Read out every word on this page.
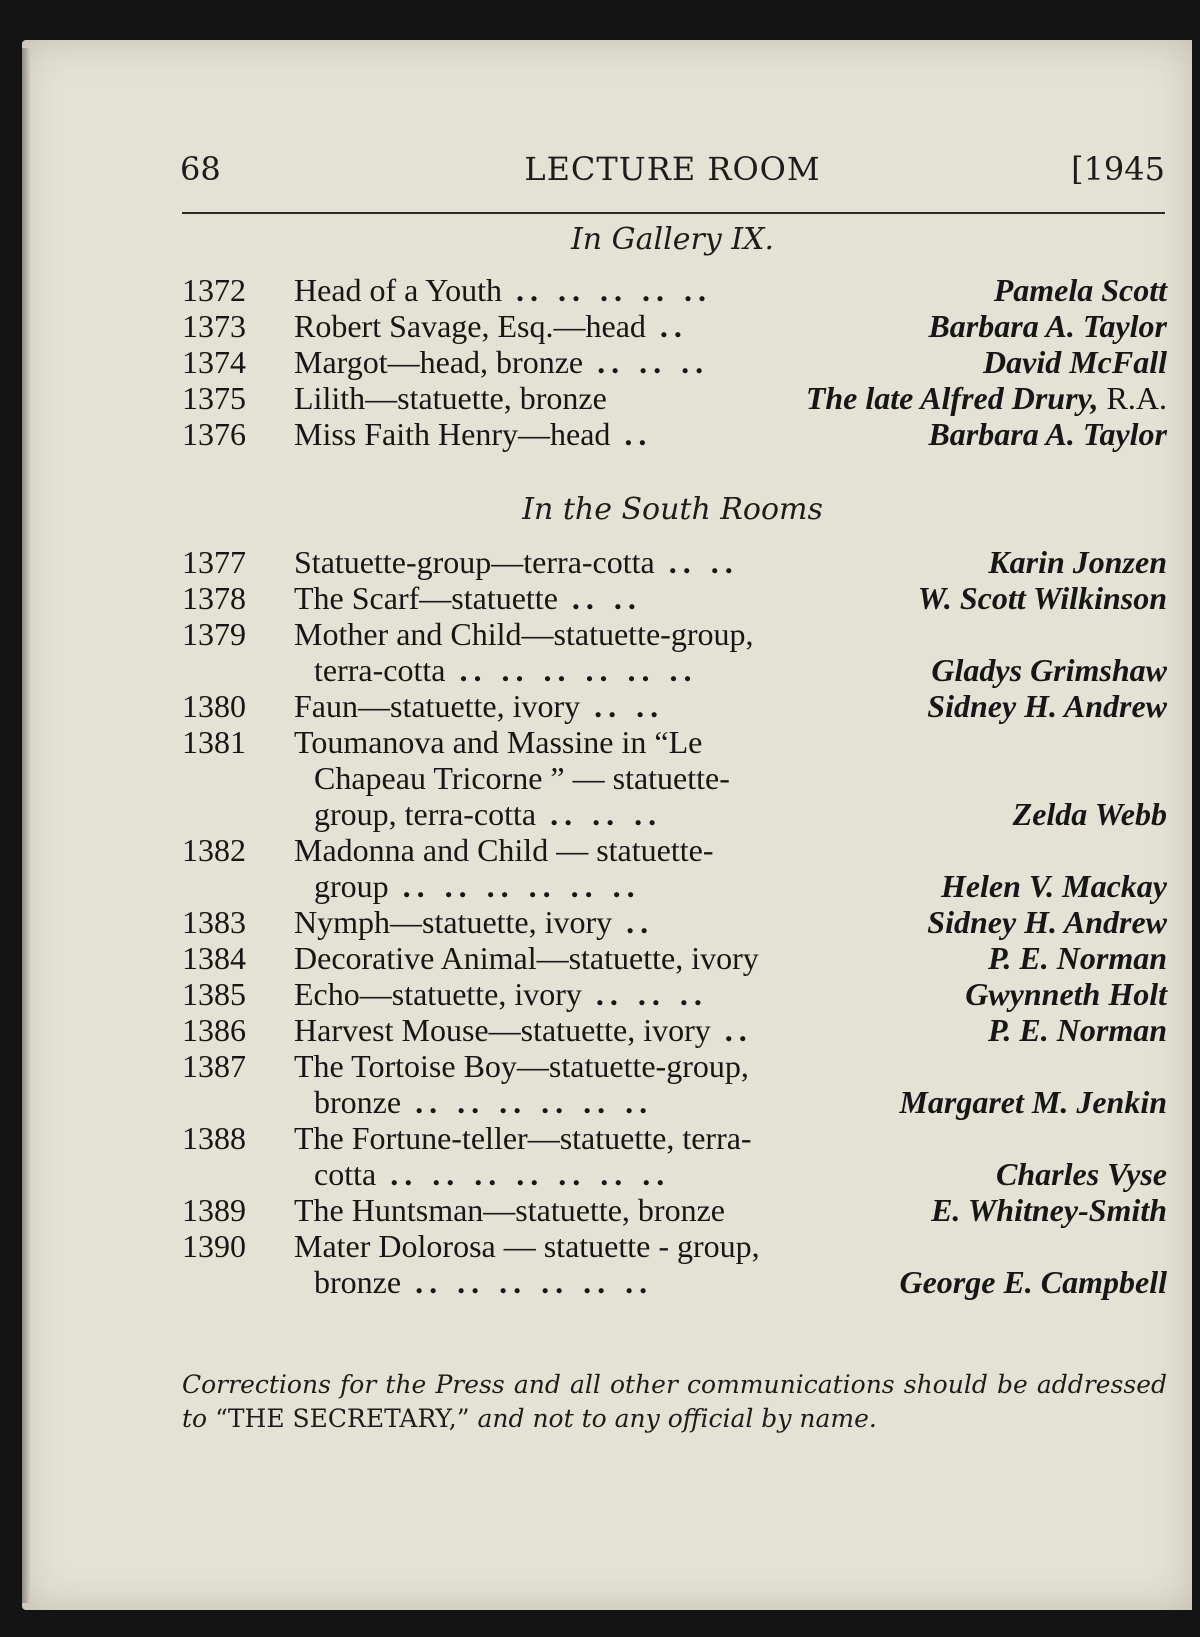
68	LECTURE ROOM	[1945
In Gallery IX.
1372 Head of a Youth .. .. .. .. ..	Pamela Scott
1373 Robert Savage, Esq.—head ..	Barbara A. Taylor
1374 Margot—head, bronze .. .. ..	David McFall
1375 Lilith—statuette, bronze	The late Alfred Drury, R.A.
1376 Miss Faith Henry—head ..	Barbara A. Taylor
In the South Rooms
1377 Statuette-group—terra-cotta .. ..	Karin Jonzen
1378 The Scarf—statuette .. ..	W. Scott Wilkinson
1379 Mother and Child—statuette-group,
terra-cotta .. .. .. .. .. ..	Gladys Grimshaw
1380 Faun—statuette, ivory .. ..	Sidney H. Andrew
1381 Toumanova and Massine in “Le
Chapeau Tricorne ” — statuette-
group, terra-cotta .. .. ..	Zelda Webb
1382 Madonna and Child — statuette-
group .. .. .. .. .. ..	Helen V. Mackay
1383 Nymph—statuette, ivory ..	Sidney H. Andrew
1384 Decorative Animal—statuette, ivory	P. E. Norman
1385 Echo—statuette, ivory .. .. ..	Gwynneth Holt
1386 Harvest Mouse—statuette, ivory ..	P. E. Norman
1387 The Tortoise Boy—statuette-group,
bronze .. .. .. .. .. ..	Margaret M. Jenkin
1388 The Fortune-teller—statuette, terra-
cotta .. .. .. .. .. .. ..	Charles Vyse
1389 The Huntsman—statuette, bronze	E. Whitney-Smith
1390 Mater Dolorosa — statuette - group,
bronze .. .. .. .. .. ..	George E. Campbell
Corrections for the Press and all other communications should be addressed to “THE SECRETARY,” and not to any official by name.
